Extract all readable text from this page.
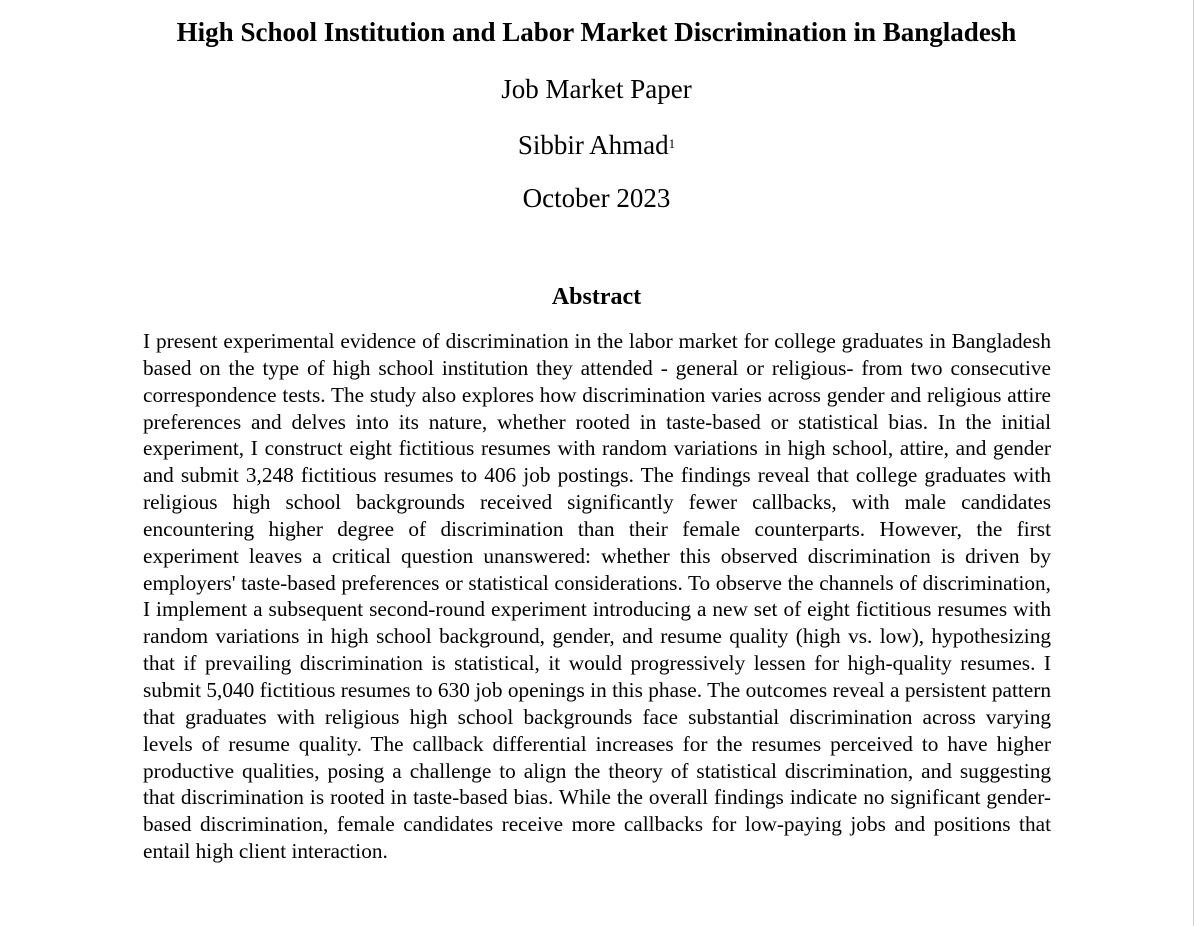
High School Institution and Labor Market Discrimination in Bangladesh

Job Market Paper

Sibbir Ahmad$^1$

October 2023

Abstract

I present experimental evidence of discrimination in the labor market for college graduates in Bangladesh based on the type of high school institution they attended - general or religious- from two consecutive correspondence tests. The study also explores how discrimination varies across gender and religious attire preferences and delves into its nature, whether rooted in taste-based or statistical bias. In the initial experiment, I construct eight fictitious resumes with random variations in high school, attire, and gender and submit 3,248 fictitious resumes to 406 job postings. The findings reveal that college graduates with religious high school backgrounds received significantly fewer callbacks, with male candidates encountering higher degree of discrimination than their female counterparts. However, the first experiment leaves a critical question unanswered: whether this observed discrimination is driven by employers' taste-based preferences or statistical considerations. To observe the channels of discrimination, I implement a subsequent second-round experiment introducing a new set of eight fictitious resumes with random variations in high school background, gender, and resume quality (high vs. low), hypothesizing that if prevailing discrimination is statistical, it would progressively lessen for high-quality resumes. I submit 5,040 fictitious resumes to 630 job openings in this phase. The outcomes reveal a persistent pattern that graduates with religious high school backgrounds face substantial discrimination across varying levels of resume quality. The callback differential increases for the resumes perceived to have higher productive qualities, posing a challenge to align the theory of statistical discrimination, and suggesting that discrimination is rooted in taste-based bias. While the overall findings indicate no significant gender-based discrimination, female candidates receive more callbacks for low-paying jobs and positions that entail high client interaction.
